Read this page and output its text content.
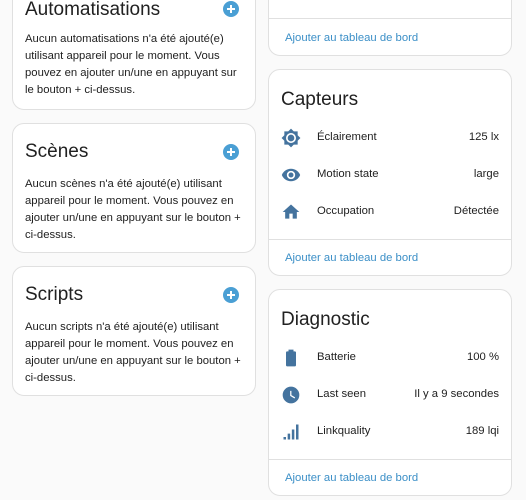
Automatisations
Aucun automatisations n'a été ajouté(e) utilisant appareil pour le moment. Vous pouvez en ajouter un/une en appuyant sur le bouton + ci-dessus.
Scènes
Aucun scènes n'a été ajouté(e) utilisant appareil pour le moment. Vous pouvez en ajouter un/une en appuyant sur le bouton + ci-dessus.
Scripts
Aucun scripts n'a été ajouté(e) utilisant appareil pour le moment. Vous pouvez en ajouter un/une en appuyant sur le bouton + ci-dessus.
Ajouter au tableau de bord
Capteurs
Éclairement	125 lx
Motion state	large
Occupation	Détectée
Ajouter au tableau de bord
Diagnostic
Batterie	100 %
Last seen	Il y a 9 secondes
Linkquality	189 lqi
Ajouter au tableau de bord
